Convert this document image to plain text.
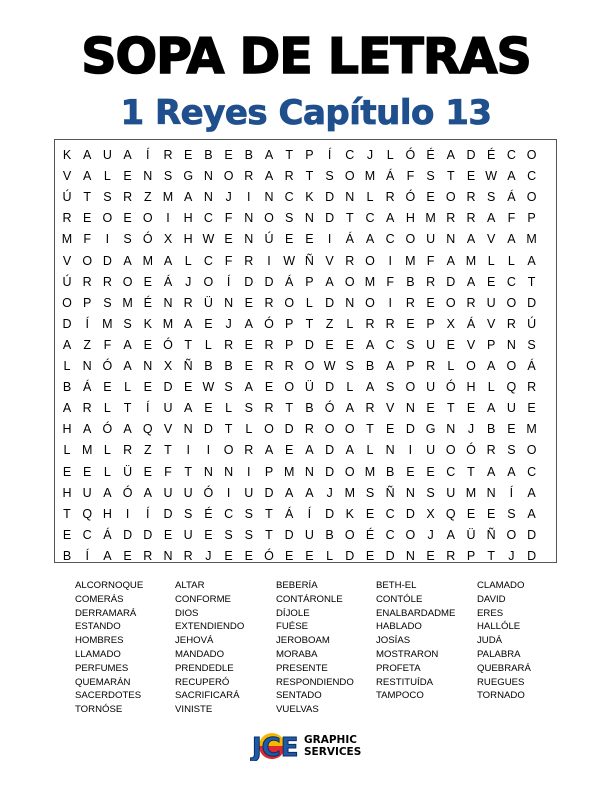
SOPA DE LETRAS
1 Reyes Capítulo 13
K A U A	Í	R E B E B A T P	Í	C	J	L Ó É A D É C O
V A	L	E N S G N O R A R T S O M Á F S T E W A C
Ú T S R Z M A N	J	I	N C K D N L R Ó E O R S Á O
R E O E O	I	H C F N O S N D T C A H M R R A F P
M F	I	S Ó X H W E N Ú E E	I	Á A C O U N A V A M
V O D A M A	L C F R	I	W Ñ V R O	I	M F A M L	L	A
Ú R R O E Á	J O	Í	D D Á P A O M F B R D A E C T
O P S M É N R Ü N E R O L D N O	I	R E O R U O D
D	Í	M S K M A E	J	A Ó P T	Z	L R R E P X Á V R Ú
A Z	F A E Ó T	L R E R P D E E A C S U E V P N S
L N Ó A N X Ñ B B E R R O W S B A P R L O A O Á
B Á E	L	E D E W S A E O Ü D L	A S O U Ó H L Q R
A R L	T	Í	U A E	L	S R T B Ó A R V N E T E A U E
H A Ó A Q V N D T	L O D R O O T E D G N	J	B E M
L M L R Z	T	I	I	O R A E A D A	L N	I	U O Ó R S O
E E	L Ü E F	T N N	I	P M N D O M B E E C T A A C
H U A Ó A U U Ó	I	U D A A	J M S Ñ N S U M N	Í	A
T Q H	I	Í	D S É C S T Á	Í	D K E C D X Q E E S A
E C Á D D E U E S S T D U B O É C O J	A Ü Ñ O D
B	Í	A E R N R	J	E E Ó E E	L D E D N E R P T	J	D
ALCORNOQUE
COMERÁS
DERRAMARÁ
ESTANDO
HOMBRES
LLAMADO
PERFUMES
QUEMARÁN
SACERDOTES
TORNÓSE
ALTAR
CONFORME
DIOS
EXTENDIENDO
JEHOVÁ
MANDADO
PRENDEDLE
RECUPERÓ
SACRIFICARÁ
VINISTE
BEBERÍA
CONTÁRONLE
DÍJOLE
FUÉSE
JEROBOAM
MORABA
PRESENTE
RESPONDIENDO
SENTADO
VUELVAS
BETH-EL
CONTÓLE
ENALBARDADME
HABLADO
JOSÍAS
MOSTRARON
PROFETA
RESTITUÍDA
TAMPOCO
CLAMADO
DAVID
ERES
HALLÓLE
JUDÁ
PALABRA
QUEBRARÁ
RUEGUES
TORNADO
JCE GRAPHIC
SERVICES
